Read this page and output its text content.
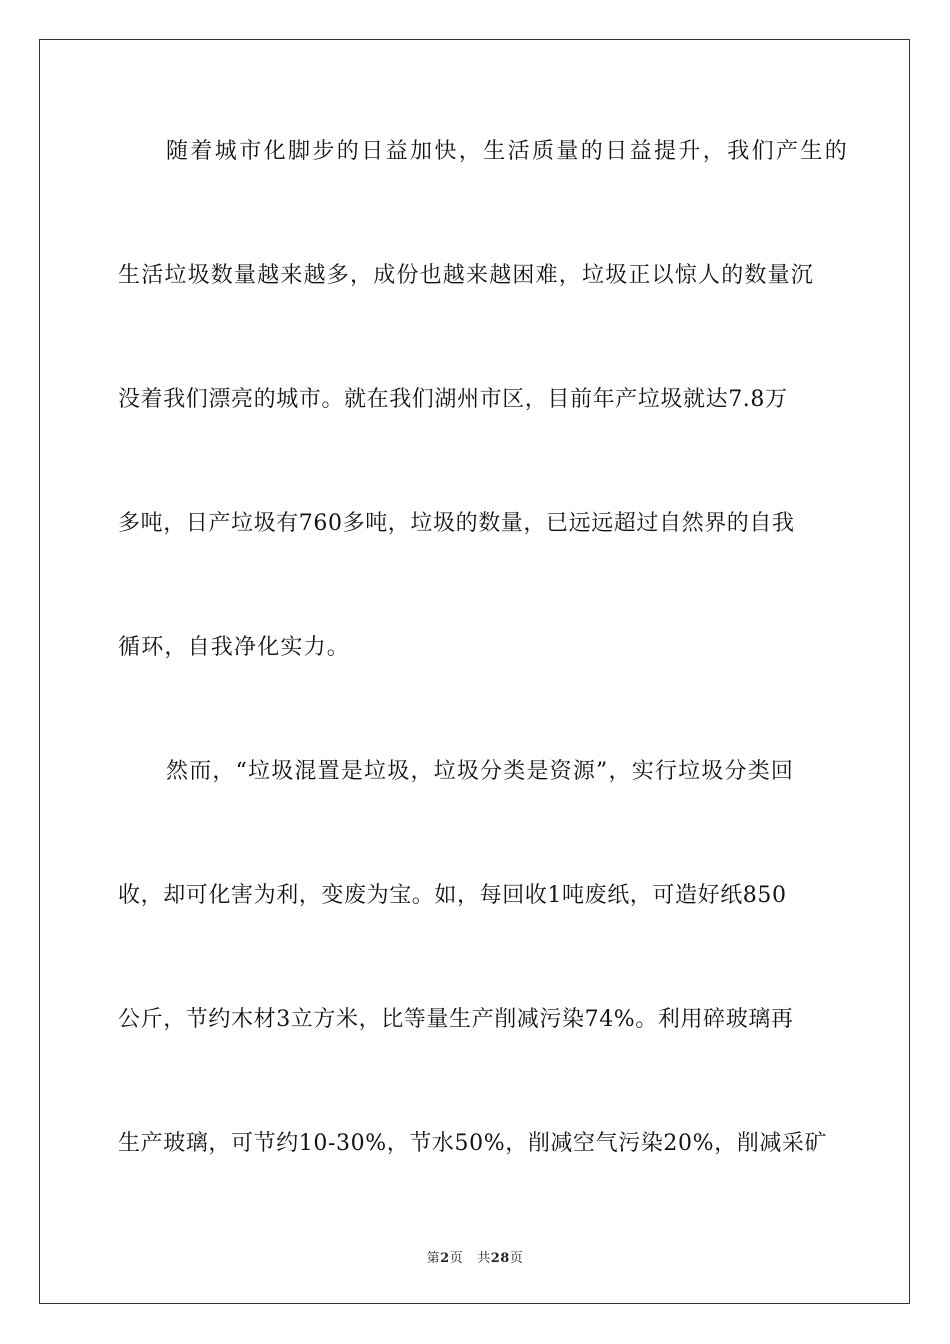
随着城市化脚步的日益加快，生活质量的日益提升，我们产生的
生活垃圾数量越来越多，成份也越来越困难，垃圾正以惊人的数量沉
没着我们漂亮的城市。就在我们湖州市区，目前年产垃圾就达7.8万
多吨，日产垃圾有760多吨，垃圾的数量，已远远超过自然界的自我
循环，自我净化实力。
然而，“垃圾混置是垃圾，垃圾分类是资源”，实行垃圾分类回
收，却可化害为利，变废为宝。如，每回收1吨废纸，可造好纸850
公斤，节约木材3立方米，比等量生产削减污染74%。利用碎玻璃再
生产玻璃，可节约10-30%，节水50%，削减空气污染20%，削减采矿
第2页 共28页
